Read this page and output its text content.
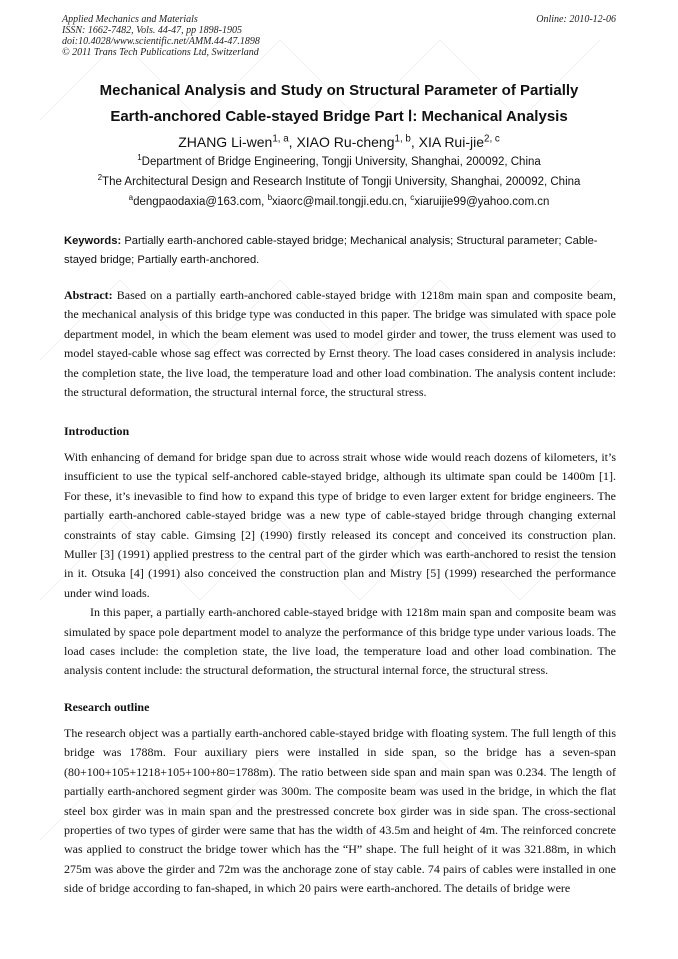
Applied Mechanics and Materials
ISSN: 1662-7482, Vols. 44-47, pp 1898-1905
doi:10.4028/www.scientific.net/AMM.44-47.1898
© 2011 Trans Tech Publications Ltd, Switzerland
Online: 2010-12-06
Mechanical Analysis and Study on Structural Parameter of Partially
Earth-anchored Cable-stayed Bridge Part Ⅰ: Mechanical Analysis
ZHANG Li-wen$^{1, a}$, XIAO Ru-cheng$^{1, b}$, XIA Rui-jie$^{2, c}$
$^1$Department of Bridge Engineering, Tongji University, Shanghai, 200092, China
$^2$The Architectural Design and Research Institute of Tongji University, Shanghai, 200092, China
$^a$dengpaodaxia@163.com, $^b$xiaorc@mail.tongji.edu.cn, $^c$xiaruijie99@yahoo.com.cn
Keywords: Partially earth-anchored cable-stayed bridge; Mechanical analysis; Structural parameter; Cable-stayed bridge; Partially earth-anchored.
Abstract: Based on a partially earth-anchored cable-stayed bridge with 1218m main span and composite beam, the mechanical analysis of this bridge type was conducted in this paper. The bridge was simulated with space pole department model, in which the beam element was used to model girder and tower, the truss element was used to model stayed-cable whose sag effect was corrected by Ernst theory. The load cases considered in analysis include: the completion state, the live load, the temperature load and other load combination. The analysis content include: the structural deformation, the structural internal force, the structural stress.
Introduction
With enhancing of demand for bridge span due to across strait whose wide would reach dozens of kilometers, it’s insufficient to use the typical self-anchored cable-stayed bridge, although its ultimate span could be 1400m [1]. For these, it’s inevasible to find how to expand this type of bridge to even larger extent for bridge engineers. The partially earth-anchored cable-stayed bridge was a new type of cable-stayed bridge through changing external constraints of stay cable. Gimsing [2] (1990) firstly released its concept and conceived its construction plan. Muller [3] (1991) applied prestress to the central part of the girder which was earth-anchored to resist the tension in it. Otsuka [4] (1991) also conceived the construction plan and Mistry [5] (1999) researched the performance under wind loads.
In this paper, a partially earth-anchored cable-stayed bridge with 1218m main span and composite beam was simulated by space pole department model to analyze the performance of this bridge type under various loads. The load cases include: the completion state, the live load, the temperature load and other load combination. The analysis content include: the structural deformation, the structural internal force, the structural stress.
Research outline
The research object was a partially earth-anchored cable-stayed bridge with floating system. The full length of this bridge was 1788m. Four auxiliary piers were installed in side span, so the bridge has a seven-span (80+100+105+1218+105+100+80=1788m). The ratio between side span and main span was 0.234. The length of partially earth-anchored segment girder was 300m. The composite beam was used in the bridge, in which the flat steel box girder was in main span and the prestressed concrete box girder was in side span. The cross-sectional properties of two types of girder were same that has the width of 43.5m and height of 4m. The reinforced concrete was applied to construct the bridge tower which has the “H” shape. The full height of it was 321.88m, in which 275m was above the girder and 72m was the anchorage zone of stay cable. 74 pairs of cables were installed in one side of bridge according to fan-shaped, in which 20 pairs were earth-anchored. The details of bridge were
